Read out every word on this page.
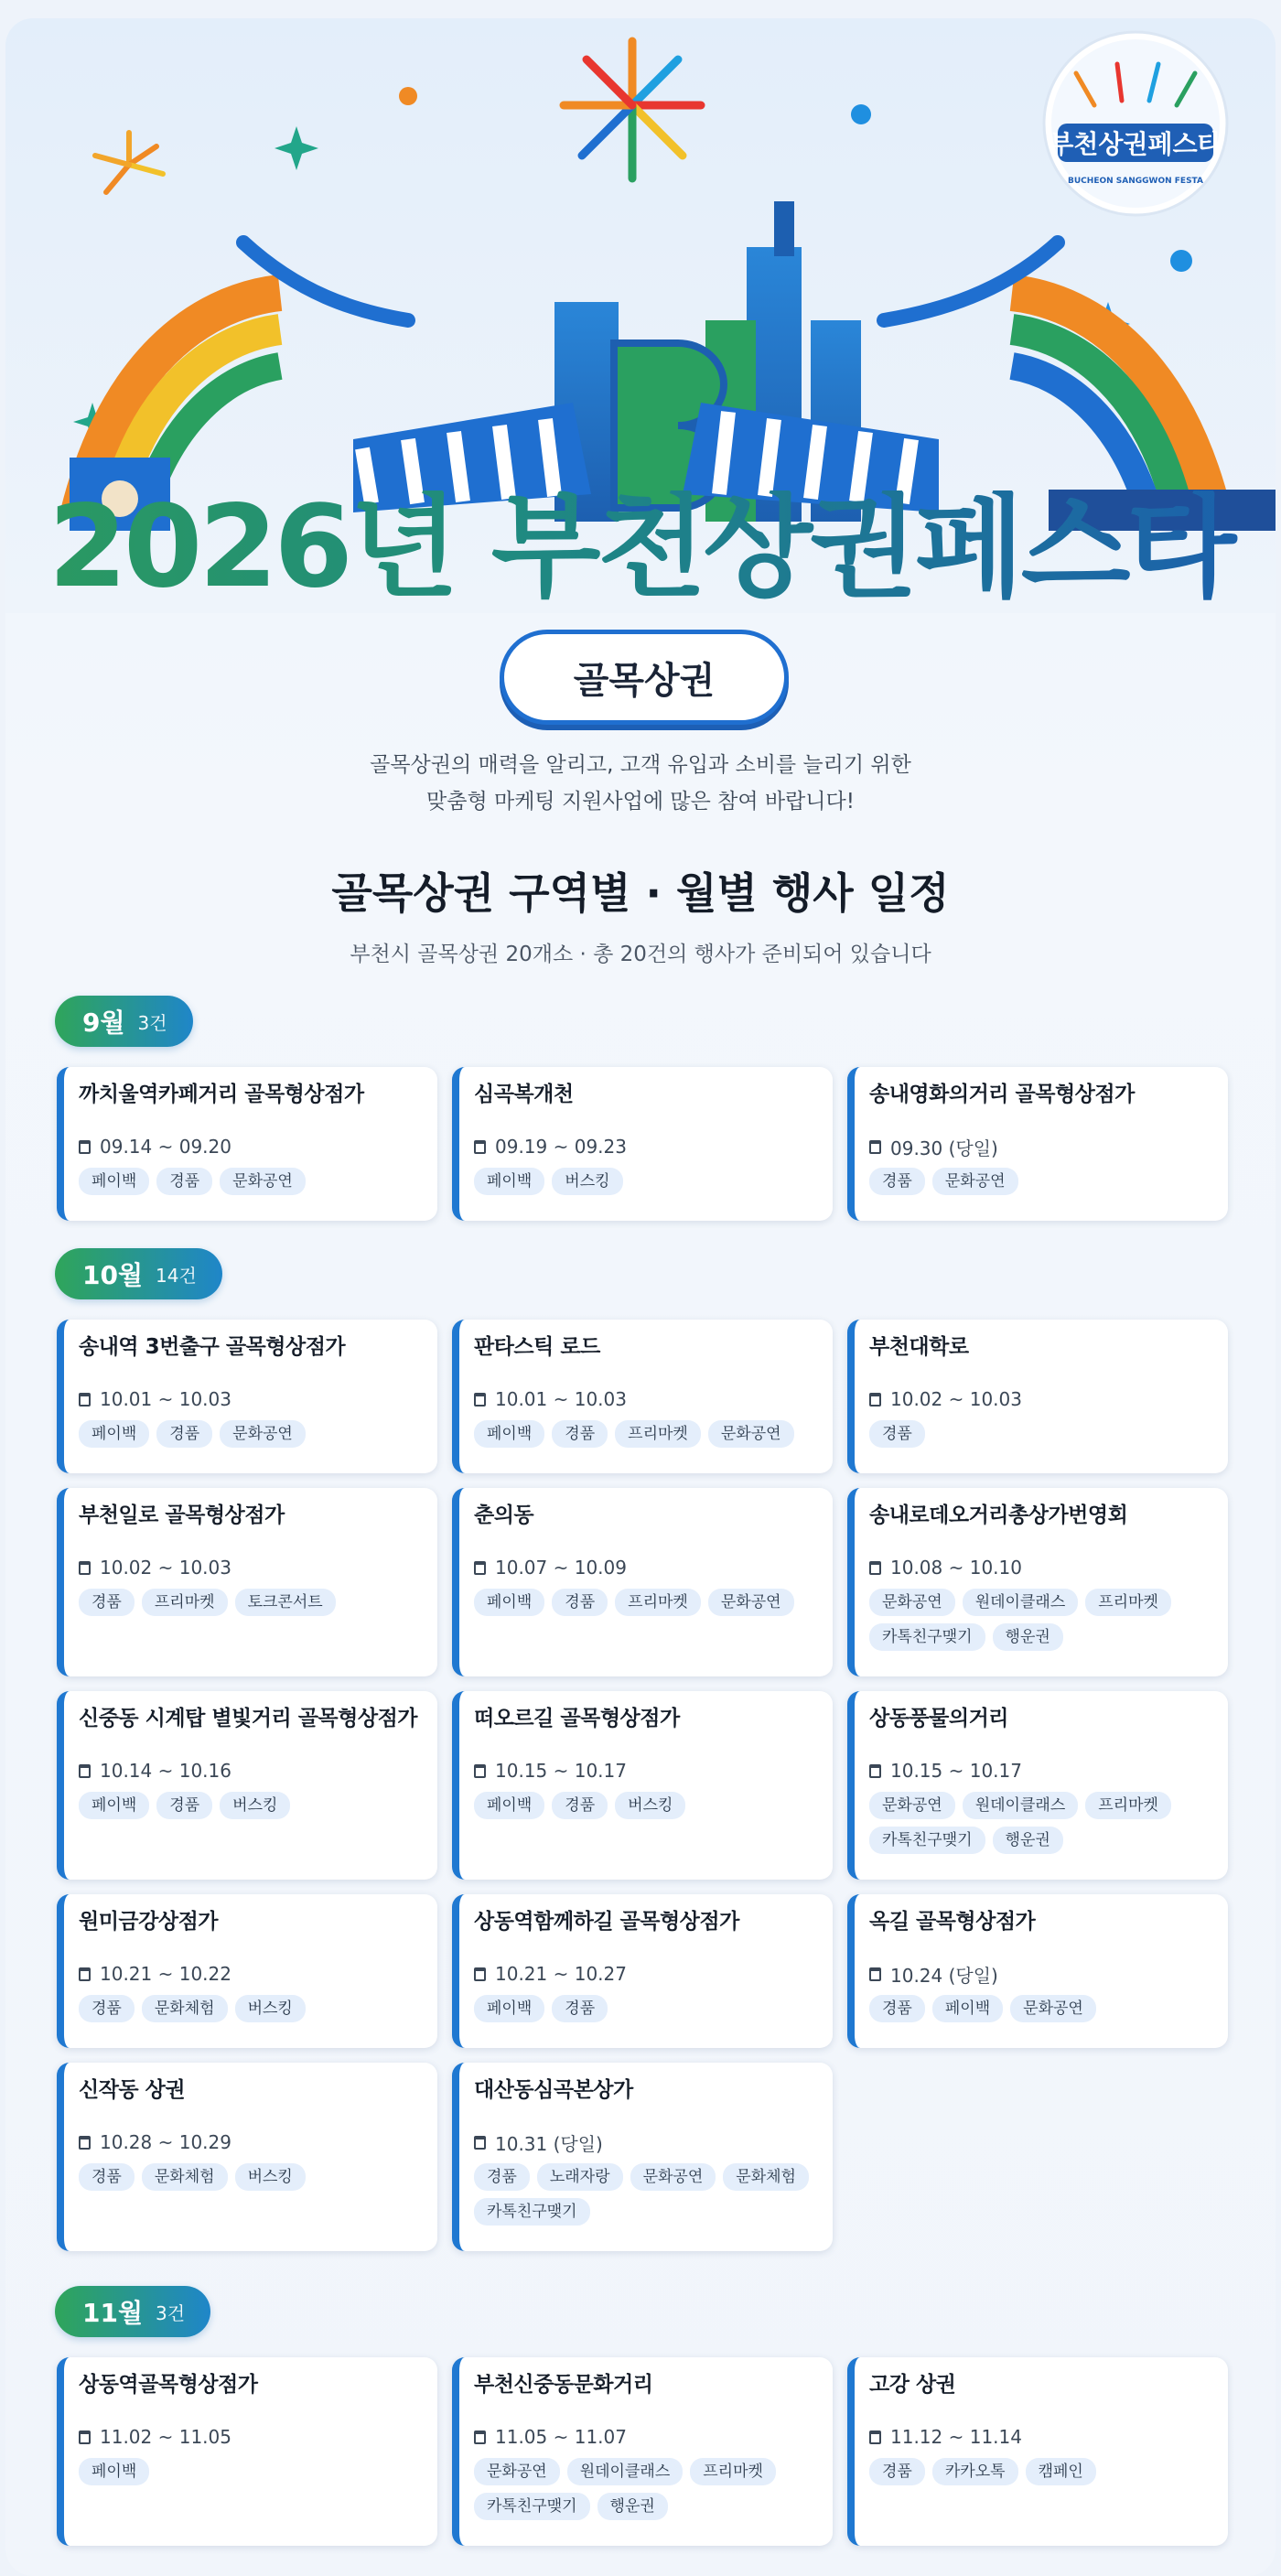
부천상권페스타
BUCHEON SANGGWON FESTA
2026년 부천상권페스타
골목상권
골목상권의 매력을 알리고, 고객 유입과 소비를 늘리기 위한
맞춤형 마케팅 지원사업에 많은 참여 바랍니다!
골목상권 구역별 · 월별 행사 일정
부천시 골목상권 20개소 · 총 20건의 행사가 준비되어 있습니다
9월 3건
까치울역카페거리 골목형상점가
09.14 ~ 09.20
페이백	경품	문화공연
심곡복개천
09.19 ~ 09.23
페이백	버스킹
송내영화의거리 골목형상점가
09.30 (당일)
경품	문화공연
10월 14건
송내역 3번출구 골목형상점가
10.01 ~ 10.03
페이백	경품	문화공연
판타스틱 로드
10.01 ~ 10.03
페이백	경품	프리마켓	문화공연
부천대학로
10.02 ~ 10.03
경품
부천일로 골목형상점가
10.02 ~ 10.03
경품	프리마켓	토크콘서트
춘의동
10.07 ~ 10.09
페이백	경품	프리마켓	문화공연
송내로데오거리총상가번영회
10.08 ~ 10.10
문화공연	원데이클래스	프리마켓
카톡친구맺기	행운권
신중동 시계탑 별빛거리 골목형상점가
10.14 ~ 10.16
페이백	경품	버스킹
떠오르길 골목형상점가
10.15 ~ 10.17
페이백	경품	버스킹
상동풍물의거리
10.15 ~ 10.17
문화공연	원데이클래스	프리마켓
카톡친구맺기	행운권
원미금강상점가
10.21 ~ 10.22
경품	문화체험	버스킹
상동역함께하길 골목형상점가
10.21 ~ 10.27
페이백	경품
옥길 골목형상점가
10.24 (당일)
경품	페이백	문화공연
신작동 상권
10.28 ~ 10.29
경품	문화체험	버스킹
대산동심곡본상가
10.31 (당일)
경품	노래자랑	문화공연	문화체험
카톡친구맺기
11월 3건
상동역골목형상점가
11.02 ~ 11.05
페이백
부천신중동문화거리
11.05 ~ 11.07
문화공연	원데이클래스	프리마켓
카톡친구맺기	행운권
고강 상권
11.12 ~ 11.14
경품	카카오톡	캠페인
